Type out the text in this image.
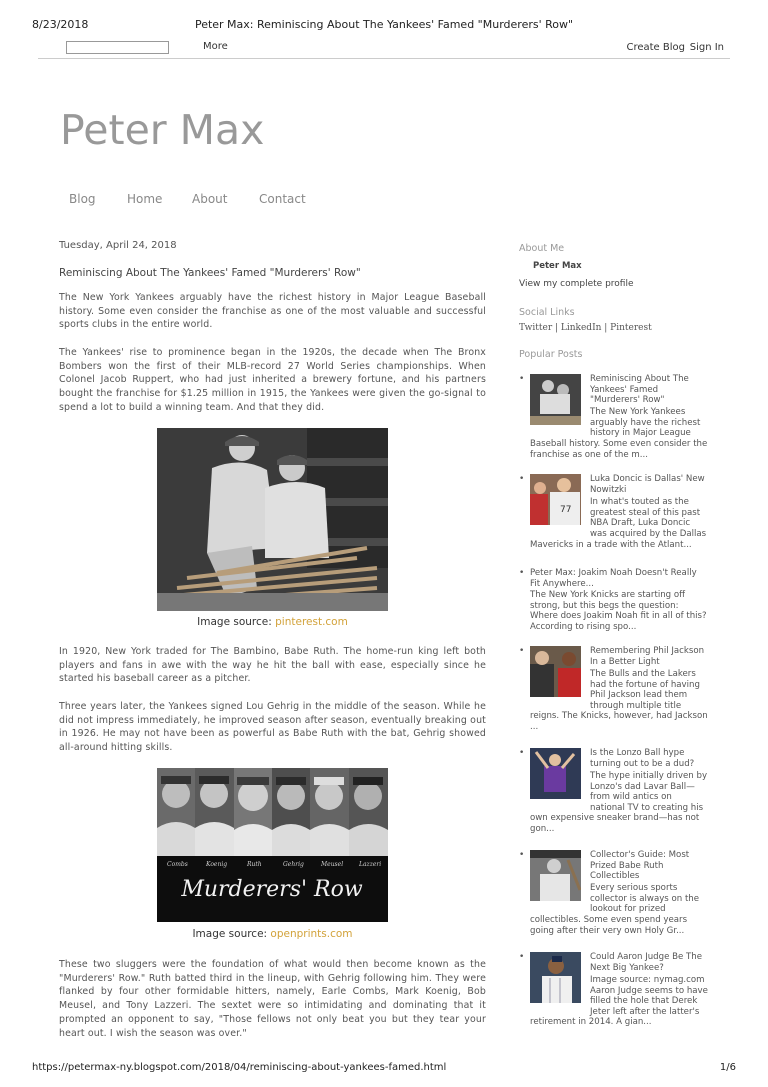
8/23/2018	Peter Max: Reminiscing About The Yankees' Famed "Murderers' Row"
More	Create Blog Sign In
Peter Max
Blog	Home About	Contact
Tuesday, April 24, 2018
Reminiscing About The Yankees' Famed "Murderers' Row"

The New York Yankees arguably have the richest history in Major League Baseball history. Some even consider the franchise as one of the most valuable and successful sports clubs in the entire world.

The Yankees' rise to prominence began in the 1920s, the decade when The Bronx Bombers won the first of their MLB-record 27 World Series championships. When Colonel Jacob Ruppert, who had just inherited a brewery fortune, and his partners bought the franchise for $1.25 million in 1915, the Yankees were given the go-signal to spend a lot to build a winning team. And that they did.

Image source: pinterest.com

In 1920, New York traded for The Bambino, Babe Ruth. The home-run king left both players and fans in awe with the way he hit the ball with ease, especially since he started his baseball career as a pitcher.

Three years later, the Yankees signed Lou Gehrig in the middle of the season. While he did not impress immediately, he improved season after season, eventually breaking out in 1926. He may not have been as powerful as Babe Ruth with the bat, Gehrig showed all-around hitting skills.

Combs	Koenig	Ruth	Gehrig	Meusel	Lazzeri
Murderers' Row
Image source: openprints.com

These two sluggers were the foundation of what would then become known as the "Murderers' Row." Ruth batted third in the lineup, with Gehrig following him. They were flanked by four other formidable hitters, namely, Earle Combs, Mark Koenig, Bob Meusel, and Tony Lazzeri. The sextet were so intimidating and dominating that it prompted an opponent to say, "Those fellows not only beat you but they tear your heart out. I wish the season was over."

About Me
Peter Max
View my complete profile
Social Links
Twitter | LinkedIn | Pinterest
Popular Posts
•	Reminiscing About The Yankees' Famed "Murderers' Row"
The New York Yankees arguably have the richest history in Major League
Baseball history. Some even consider the franchise as one of the m...
•
77
Luka Doncic is Dallas' New Nowitzki
In what's touted as the greatest steal of this past NBA Draft, Luka Doncic was acquired by the Dallas
Mavericks in a trade with the Atlant...
• Peter Max: Joakim Noah Doesn't Really Fit Anywhere...
The New York Knicks are starting off strong, but this begs the question: Where does Joakim Noah fit in all of this? According to rising spo...
•	Remembering Phil Jackson In a Better Light
The Bulls and the Lakers had the fortune of having Phil Jackson lead them through multiple title
reigns. The Knicks, however, had Jackson ...
•	Is the Lonzo Ball hype turning out to be a dud?
The hype initially driven by Lonzo's dad Lavar Ball—from wild antics on national TV to creating his
own expensive sneaker brand—has not gon...
•	Collector's Guide: Most Prized Babe Ruth Collectibles
Every serious sports collector is always on the lookout for prized
collectibles. Some even spend years going after their very own Holy Gr...
•	Could Aaron Judge Be The Next Big Yankee?
Image source: nymag.com Aaron Judge seems to have filled the hole that Derek Jeter left after the latter's
retirement in 2014. A gian...
https://petermax-ny.blogspot.com/2018/04/reminiscing-about-yankees-famed.html	1/6
